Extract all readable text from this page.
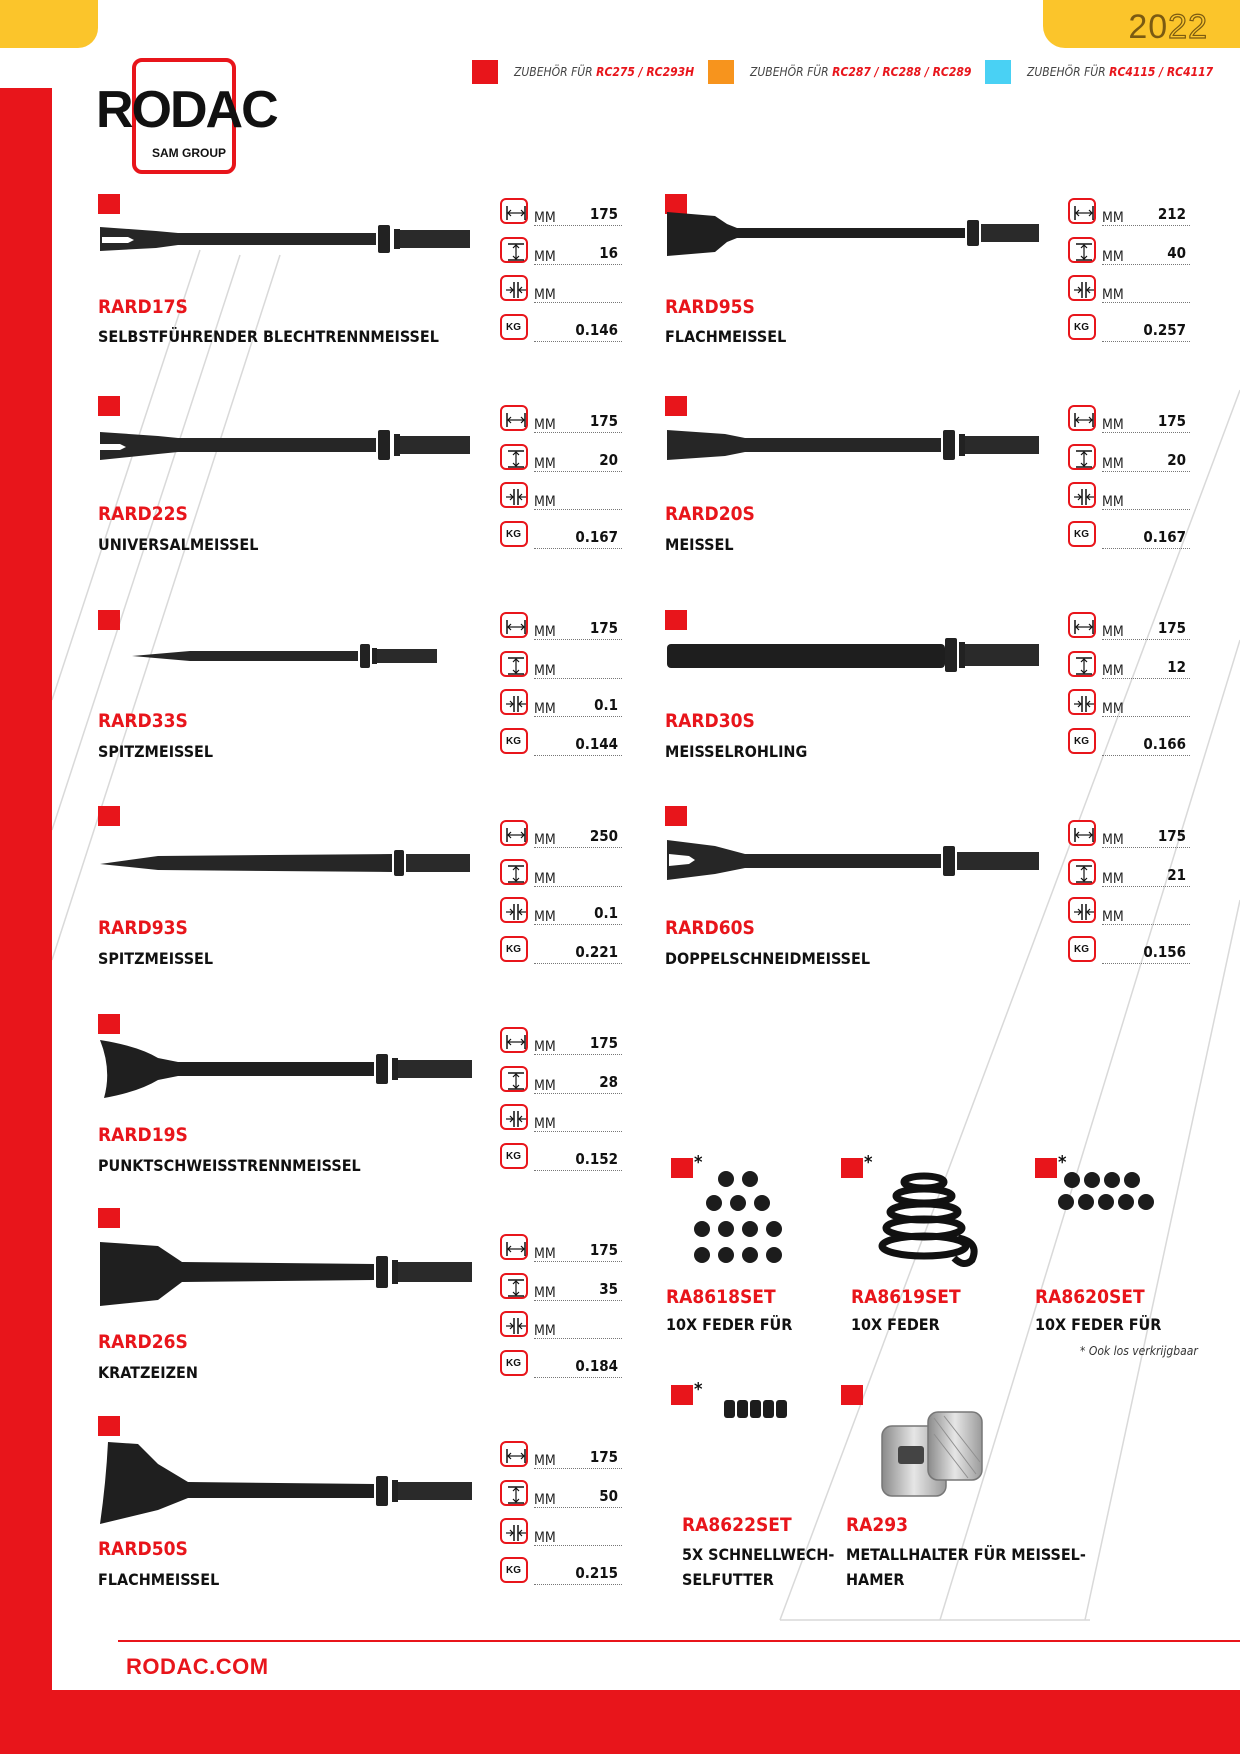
2022
RODAC
SAM GROUP
ZUBEHÖR FÜR RC275 / RC293H	ZUBEHÖR FÜR RC287 / RC288 / RC289	ZUBEHÖR FÜR RC4115 / RC4117
RARD17S
SELBSTFÜHRENDER BLECHTRENNMEISSEL
RARD95S
FLACHMEISSEL
RARD22S
UNIVERSALMEISSEL
RARD20S
MEISSEL
RARD33S
SPITZMEISSEL
RARD30S
MEISSELROHLING
RARD93S
SPITZMEISSEL
RARD60S
DOPPELSCHNEIDMEISSEL
RARD19S
PUNKTSCHWEISSTRENNMEISSEL
RARD26S
KRATZEIZEN
RARD50S
FLACHMEISSEL
MM 175
MM	16
MM
KG	0.146
MM 212
MM	40
MM
KG	0.257
MM 175
MM	20
MM
KG	0.167
MM 175
MM	20
MM
KG	0.167
MM 175
MM
MM	0.1
KG	0.144
MM 175
MM	12
MM
KG	0.166
MM 250
MM
MM	0.1
KG	0.221
MM 175
MM	21
MM
KG	0.156
MM 175
MM	28
MM
KG	0.152
MM 175
MM	35
MM
KG	0.184
MM 175
MM	50
MM
KG	0.215
*
RA8618SET
10X FEDER FÜR
*
RA8619SET
10X FEDER
*
RA8620SET
10X FEDER FÜR
* Ook los verkrijgbaar
*
RA8622SET
5X SCHNELLWECH-
SELFUTTER
RA293
METALLHALTER FÜR MEISSEL-
HAMER
RODAC.COM
